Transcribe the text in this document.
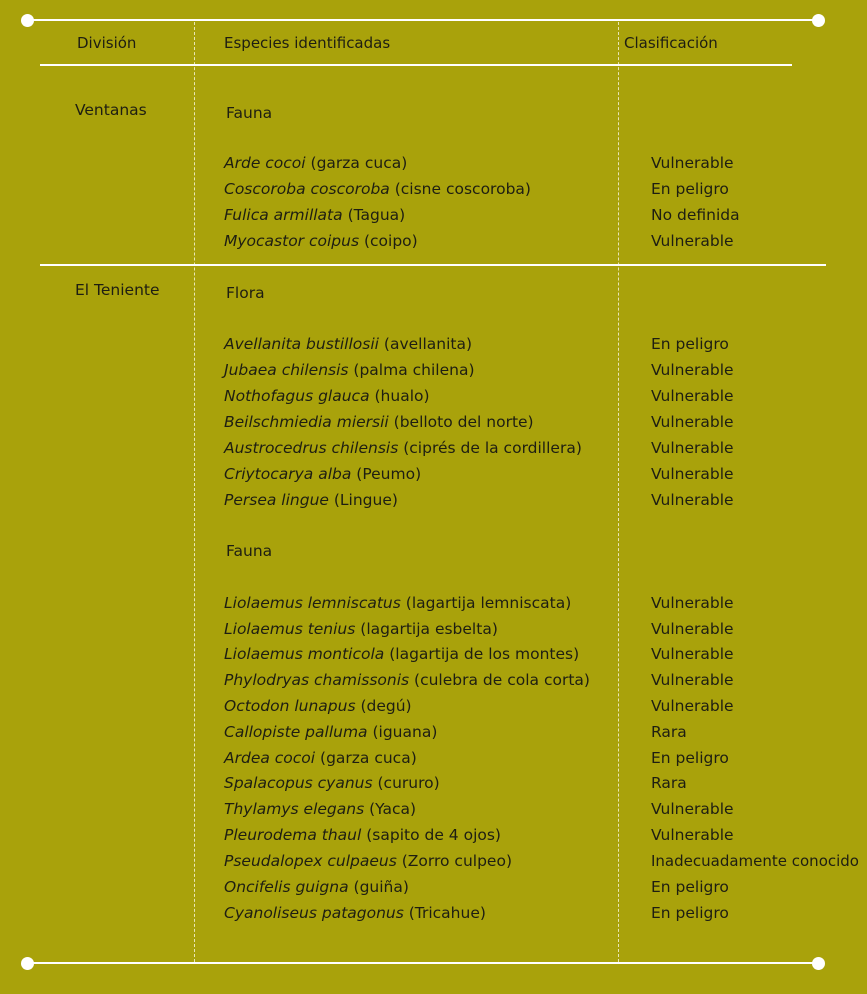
División	Especies identificadas	Clasificación
Ventanas	Fauna
Arde cocoi (garza cuca)	Vulnerable
Coscoroba coscoroba (cisne coscoroba)	En peligro
Fulica armillata (Tagua)	No definida
Myocastor coipus (coipo)	Vulnerable
El Teniente	Flora
Avellanita bustillosii (avellanita)	En peligro
Jubaea chilensis (palma chilena)	Vulnerable
Nothofagus glauca (hualo)	Vulnerable
Beilschmiedia miersii (belloto del norte)	Vulnerable
Austrocedrus chilensis (ciprés de la cordillera)	Vulnerable
Criytocarya alba (Peumo)	Vulnerable
Persea lingue (Lingue)	Vulnerable
Fauna
Liolaemus lemniscatus (lagartija lemniscata)	Vulnerable
Liolaemus tenius (lagartija esbelta)	Vulnerable
Liolaemus monticola (lagartija de los montes)	Vulnerable
Phylodryas chamissonis (culebra de cola corta)	Vulnerable
Octodon lunapus (degú)	Vulnerable
Callopiste palluma (iguana)	Rara
Ardea cocoi (garza cuca)	En peligro
Spalacopus cyanus (cururo)	Rara
Thylamys elegans (Yaca)	Vulnerable
Pleurodema thaul (sapito de 4 ojos)	Vulnerable
Pseudalopex culpaeus (Zorro culpeo)	Inadecuadamente conocido
Oncifelis guigna (guiña)	En peligro
Cyanoliseus patagonus (Tricahue)	En peligro
